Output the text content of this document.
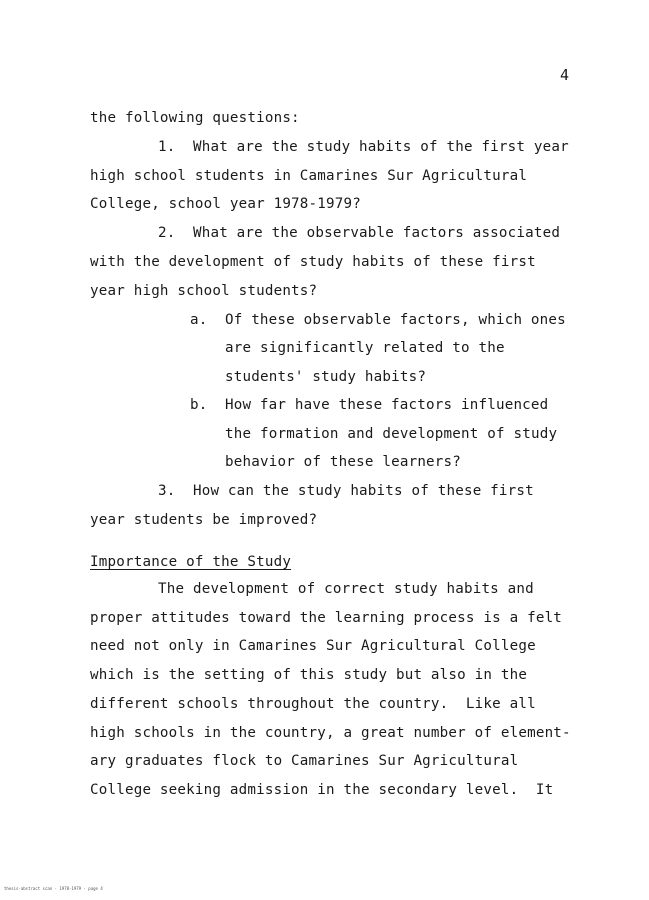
4
the following questions:
1.  What are the study habits of the first year
high school students in Camarines Sur Agricultural
College, school year 1978-1979?
2.  What are the observable factors associated
with the development of study habits of these first
year high school students?
a.  Of these observable factors, which ones
are significantly related to the
students' study habits?
b.  How far have these factors influenced
the formation and development of study
behavior of these learners?
3.  How can the study habits of these first
year students be improved?
Importance of the Study
The development of correct study habits and
proper attitudes toward the learning process is a felt
need not only in Camarines Sur Agricultural College
which is the setting of this study but also in the
different schools throughout the country.  Like all
high schools in the country, a great number of element-
ary graduates flock to Camarines Sur Agricultural
College seeking admission in the secondary level.  It
thesis-abstract scan · 1978-1979 · page 4
